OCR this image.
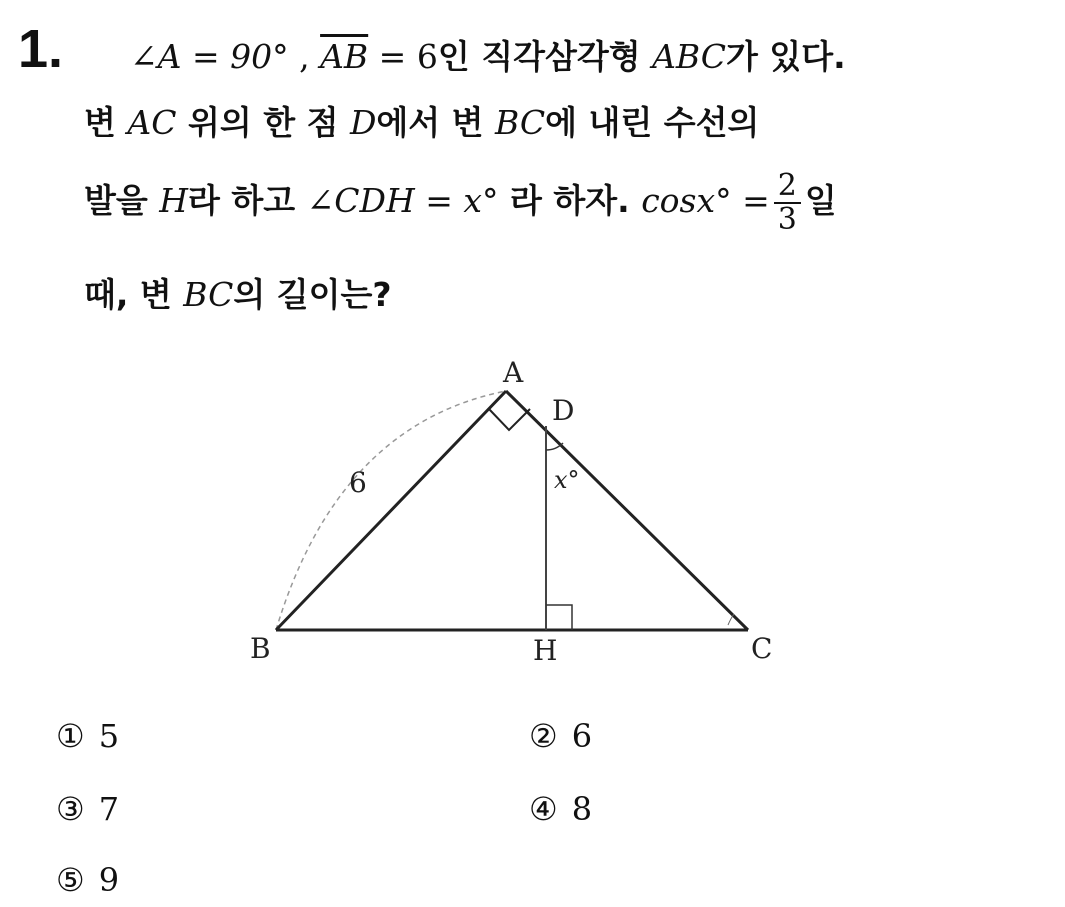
1. ∠A = 90° , $\overline{AB} = 6$인 직각삼각형 ABC가 있다.
변 AC 위의 한 점 D에서 변 BC에 내린 수선의
발을 H라 하고 ∠CDH = x° 라 하자. $\cos x^\circ = \frac{2}{3}$ 일
때, 변 BC의 길이는?
A
D
B	H	C
6	x°
① 5	② 6
③ 7	④ 8
⑤ 9
